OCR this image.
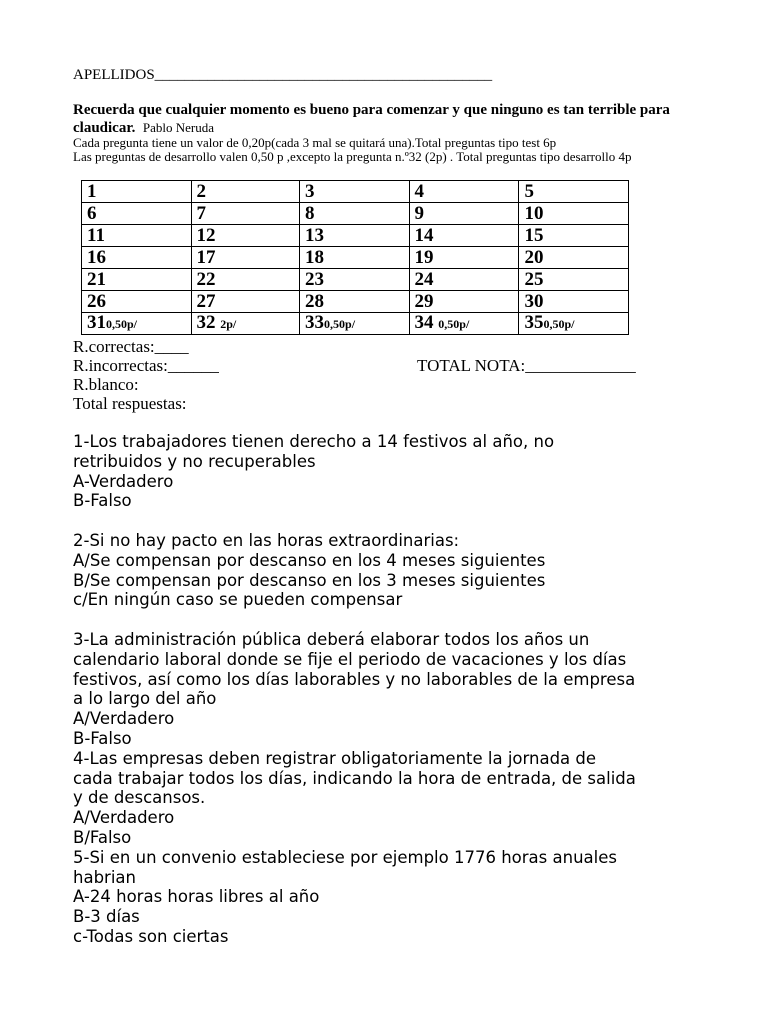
APELLIDOS_____________________________________________
Recuerda que cualquier momento es bueno para comenzar y que ninguno es tan terrible para claudicar. Pablo Neruda
Cada pregunta tiene un valor de 0,20p(cada 3 mal se quitará una).Total preguntas tipo test 6p
Las preguntas de desarrollo valen 0,50 p ,excepto la pregunta n.º32 (2p) . Total preguntas tipo desarrollo 4p
1	2	3	4	5
6	7	8	9	10
11	12	13	14	15
16	17	18	19	20
21	22	23	24	25
26	27	28	29	30
310,50p/	32 2p/	330,50p/	34 0,50p/	350,50p/
R.correctas:____
R.incorrectas:______
R.blanco:
Total respuestas:
TOTAL NOTA:_____________
1-Los trabajadores tienen derecho a 14 festivos al año, no
retribuidos y no recuperables
A-Verdadero
B-Falso
2-Si no hay pacto en las horas extraordinarias:
A/Se compensan por descanso en los 4 meses siguientes
B/Se compensan por descanso en los 3 meses siguientes
c/En ningún caso se pueden compensar
3-La administración pública deberá elaborar todos los años un
calendario laboral donde se fije el periodo de vacaciones y los días
festivos, así como los días laborables y no laborables de la empresa
a lo largo del año
A/Verdadero
B-Falso
4-Las empresas deben registrar obligatoriamente la jornada de
cada trabajar todos los días, indicando la hora de entrada, de salida
y de descansos.
A/Verdadero
B/Falso
5-Si en un convenio estableciese por ejemplo 1776 horas anuales
habrian
A-24 horas horas libres al año
B-3 días
c-Todas son ciertas
